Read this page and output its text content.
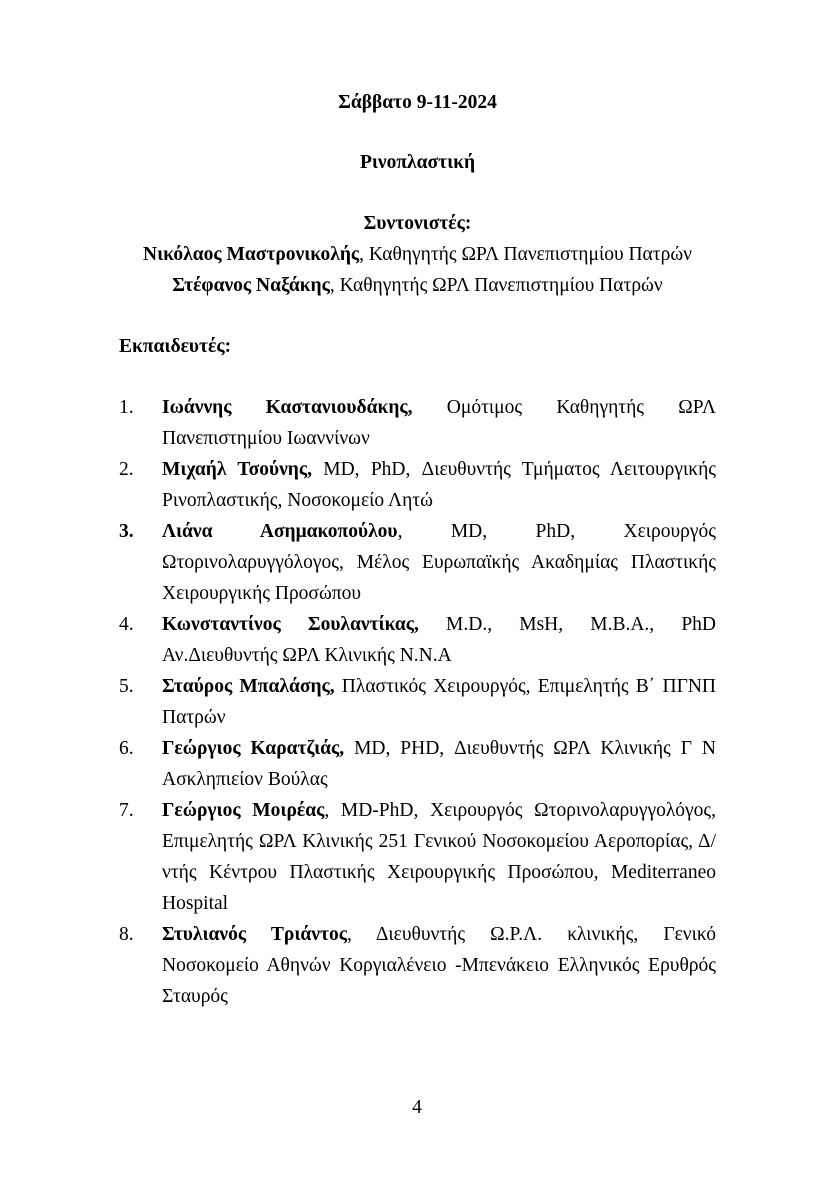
Σάββατο 9-11-2024

Ρινοπλαστική

Συντονιστές:

Νικόλαος Μαστρονικολής, Καθηγητής ΩΡΛ Πανεπιστημίου Πατρών

Στέφανος Ναξάκης, Καθηγητής ΩΡΛ Πανεπιστημίου Πατρών

Εκπαιδευτές:

1.	Ιωάννης Καστανιουδάκης, Ομότιμος Καθηγητής ΩΡΛ Πανεπιστημίου Ιωαννίνων
2.	Μιχαήλ Τσούνης, MD, PhD, Διευθυντής Τμήματος Λειτουργικής Ρινοπλαστικής, Νοσοκομείο Λητώ
3.	Λιάνα Ασημακοπούλου, MD, PhD, Χειρουργός Ωτορινολαρυγγόλογος, Μέλος Ευρωπαϊκής Ακαδημίας Πλαστικής Χειρουργικής Προσώπου
4.	Κωνσταντίνος Σουλαντίκας, M.D., MsH, M.B.A., PhD Αν.Διευθυντής ΩΡΛ Κλινικής Ν.Ν.Α
5.	Σταύρος Μπαλάσης, Πλαστικός Χειρουργός, Επιμελητής Β΄ ΠΓΝΠ Πατρών
6.	Γεώργιος Καρατζιάς, MD, PHD, Διευθυντής ΩΡΛ Κλινικής Γ Ν Ασκληπιείον Βούλας
7.	Γεώργιος Μοιρέας, MD-PhD, Χειρουργός Ωτορινολαρυγγολόγος, Επιμελητής ΩΡΛ Κλινικής 251 Γενικού Νοσοκομείου Αεροπορίας, Δ/ντής Κέντρου Πλαστικής Χειρουργικής Προσώπου, Mediterraneo Hospital
8.	Στυλιανός Τριάντος, Διευθυντής Ω.Ρ.Λ. κλινικής, Γενικό Νοσοκομείο Αθηνών Κοργιαλένειο -Μπενάκειο Ελληνικός Ερυθρός Σταυρός
4
